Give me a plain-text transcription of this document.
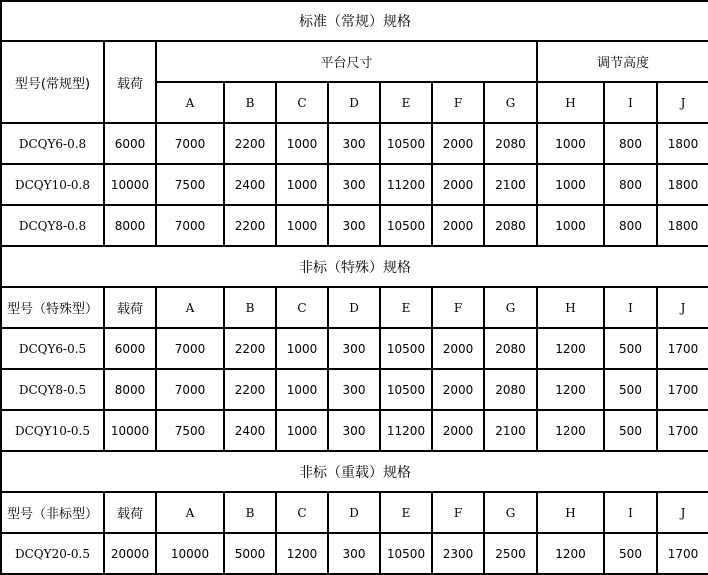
标准（常规）规格											
型号(常规型)	载荷	平台尺寸							调节高度		
		A	B	C	D	E	F	G	H	I	J
DCQY6-0.8	6000	7000	2200	1000	300	10500	2000	2080	1000	800	1800
DCQY10-0.8	10000	7500	2400	1000	300	11200	2000	2100	1000	800	1800
DCQY8-0.8	8000	7000	2200	1000	300	10500	2000	2080	1000	800	1800
非标（特殊）规格											
型号（特殊型）	载荷	A	B	C	D	E	F	G	H	I	J
DCQY6-0.5	6000	7000	2200	1000	300	10500	2000	2080	1200	500	1700
DCQY8-0.5	8000	7000	2200	1000	300	10500	2000	2080	1200	500	1700
DCQY10-0.5	10000	7500	2400	1000	300	11200	2000	2100	1200	500	1700
非标（重载）规格											
型号（非标型）	载荷	A	B	C	D	E	F	G	H	I	J
DCQY20-0.5	20000	10000	5000	1200	300	10500	2300	2500	1200	500	1700
